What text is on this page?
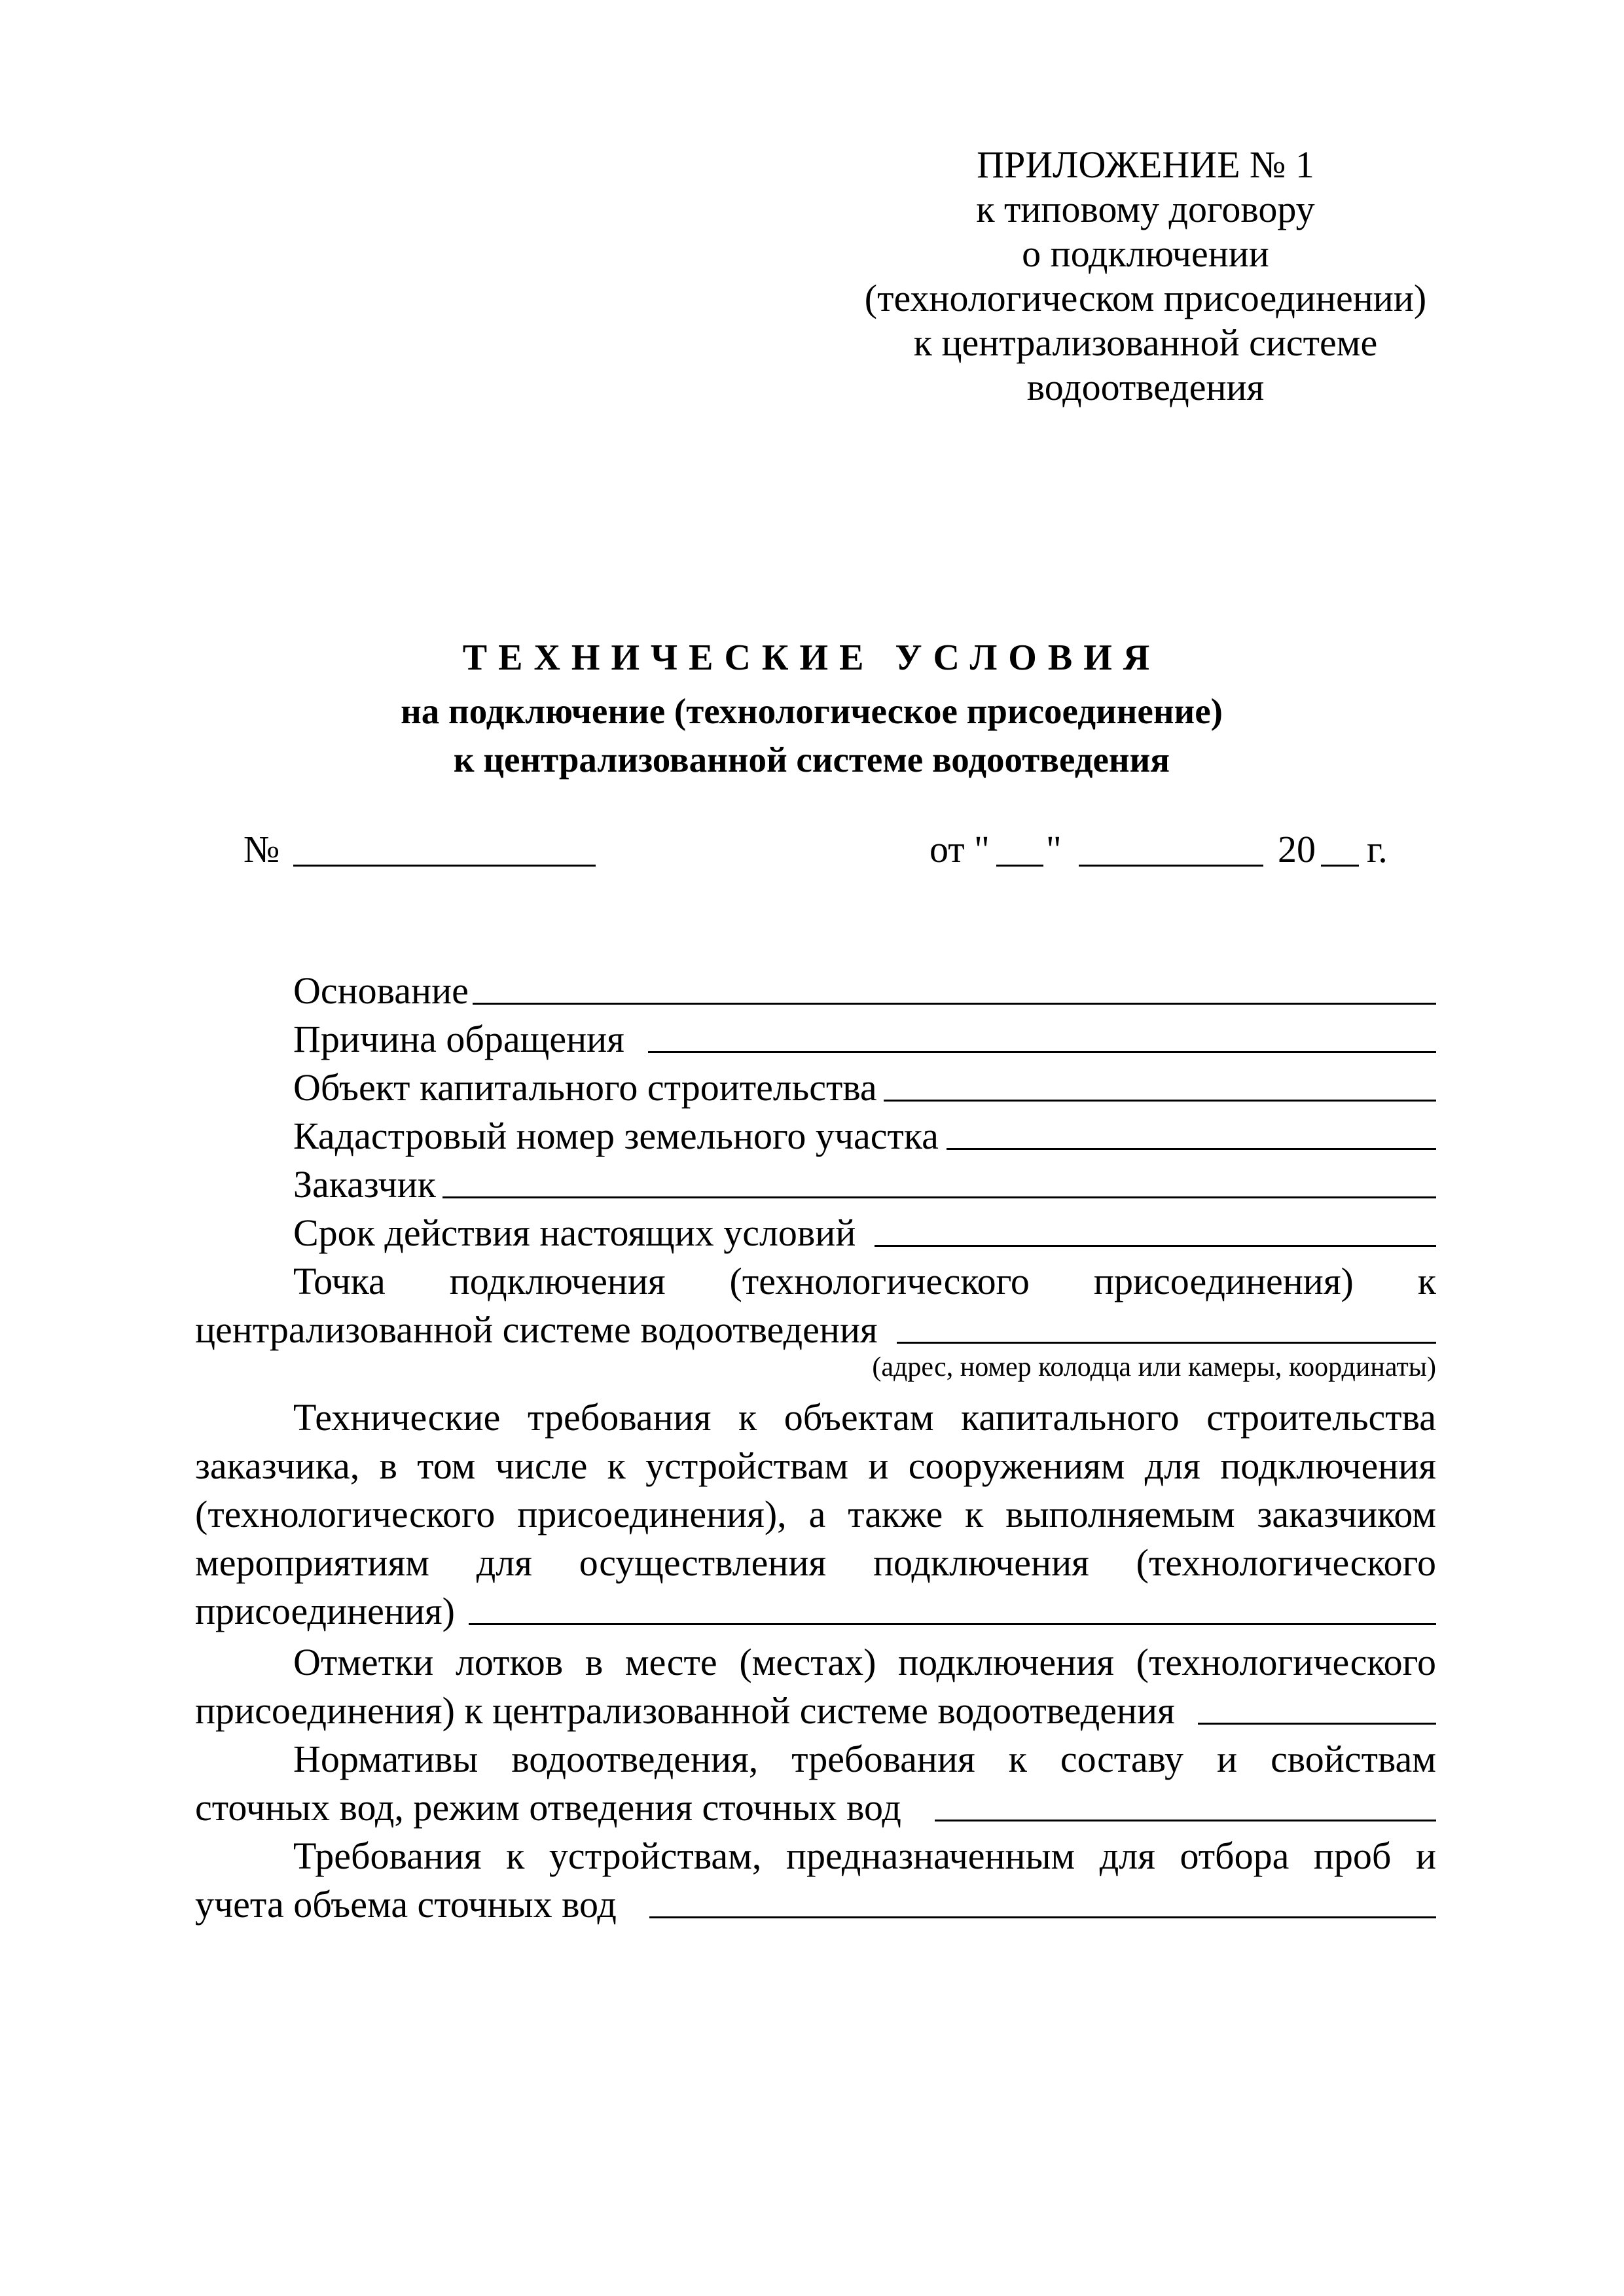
ПРИЛОЖЕНИЕ № 1
к типовому договору
о подключении
(технологическом присоединении)
к централизованной системе
водоотведения
ТЕХНИЧЕСКИЕ УСЛОВИЯ
на подключение (технологическое присоединение)
к централизованной системе водоотведения
№	от " "	20 г.
Основание
Причина обращения
Объект капитального строительства
Кадастровый номер земельного участка
Заказчик
Срок действия настоящих условий
Точка подключения (технологического присоединения) к
централизованной системе водоотведения
(адрес, номер колодца или камеры, координаты)
Технические требования к объектам капитального строительства
заказчика, в том числе к устройствам и сооружениям для подключения
(технологического присоединения), а также к выполняемым заказчиком
мероприятиям для осуществления подключения (технологического
присоединения)
Отметки лотков в месте (местах) подключения (технологического
присоединения) к централизованной системе водоотведения
Нормативы водоотведения, требования к составу и свойствам
сточных вод, режим отведения сточных вод
Требования к устройствам, предназначенным для отбора проб и
учета объема сточных вод
